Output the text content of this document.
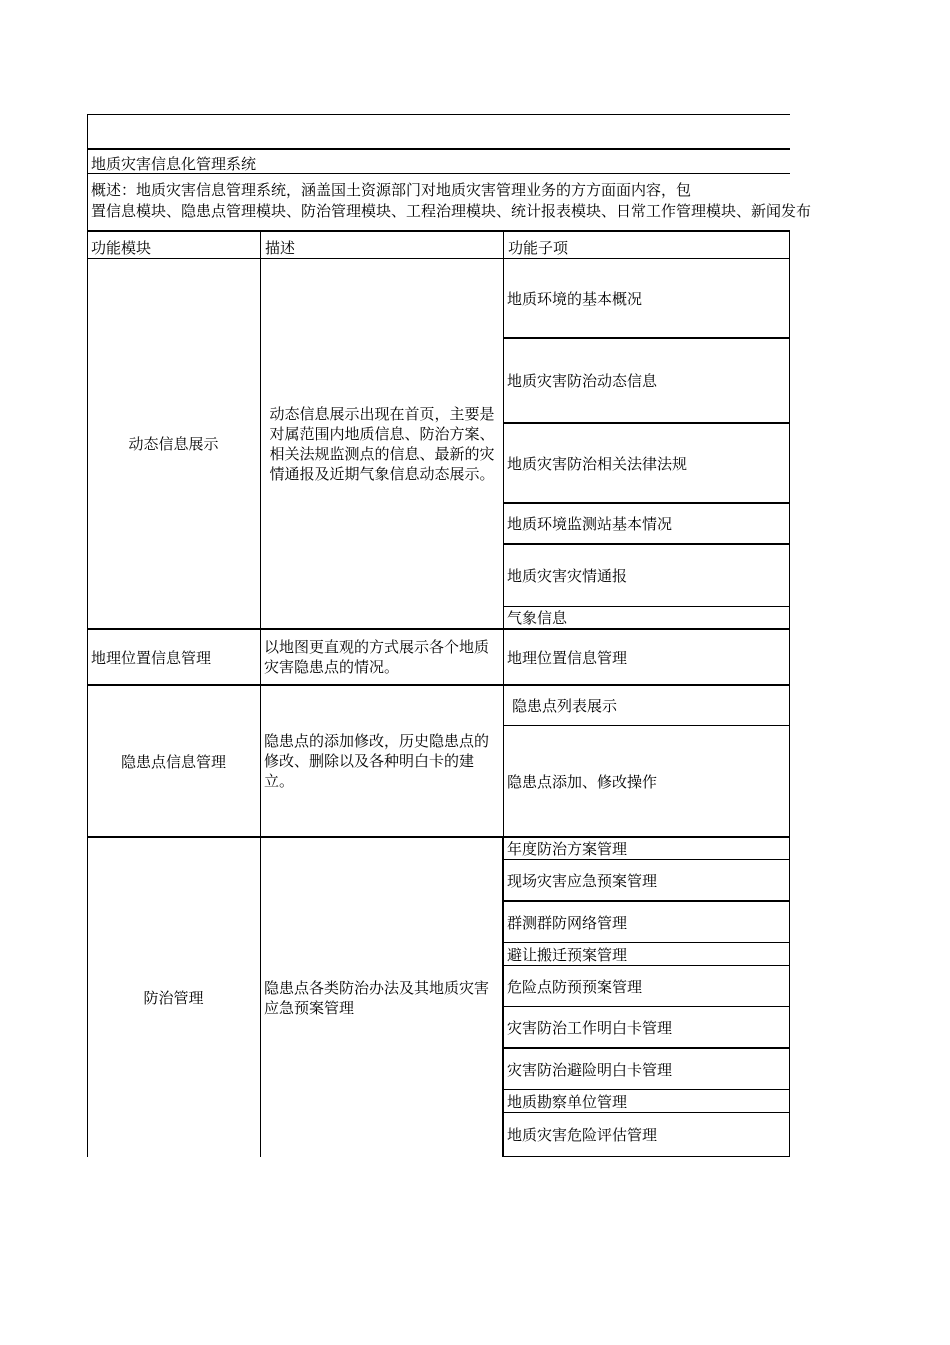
地质灾害信息化管理系统
概述：地质灾害信息管理系统，涵盖国土资源部门对地质灾害管理业务的方方面面内容，包
置信息模块、隐患点管理模块、防治管理模块、工程治理模块、统计报表模块、日常工作管理模块、新闻发布
功能模块	描述	功能子项
动态信息展示
动态信息展示出现在首页，主要是对属范围内地质信息、防治方案、相关法规监测点的信息、最新的灾情通报及近期气象信息动态展示。
地质环境的基本概况
地质灾害防治动态信息
地质灾害防治相关法律法规
地质环境监测站基本情况
地质灾害灾情通报
气象信息
地理位置信息管理
以地图更直观的方式展示各个地质灾害隐患点的情况。
地理位置信息管理
隐患点信息管理
隐患点的添加修改，历史隐患点的修改、删除以及各种明白卡的建立。
隐患点列表展示
隐患点添加、修改操作
防治管理
隐患点各类防治办法及其地质灾害应急预案管理
年度防治方案管理
现场灾害应急预案管理
群测群防网络管理
避让搬迁预案管理
危险点防预预案管理
灾害防治工作明白卡管理
灾害防治避险明白卡管理
地质勘察单位管理
地质灾害危险评估管理
